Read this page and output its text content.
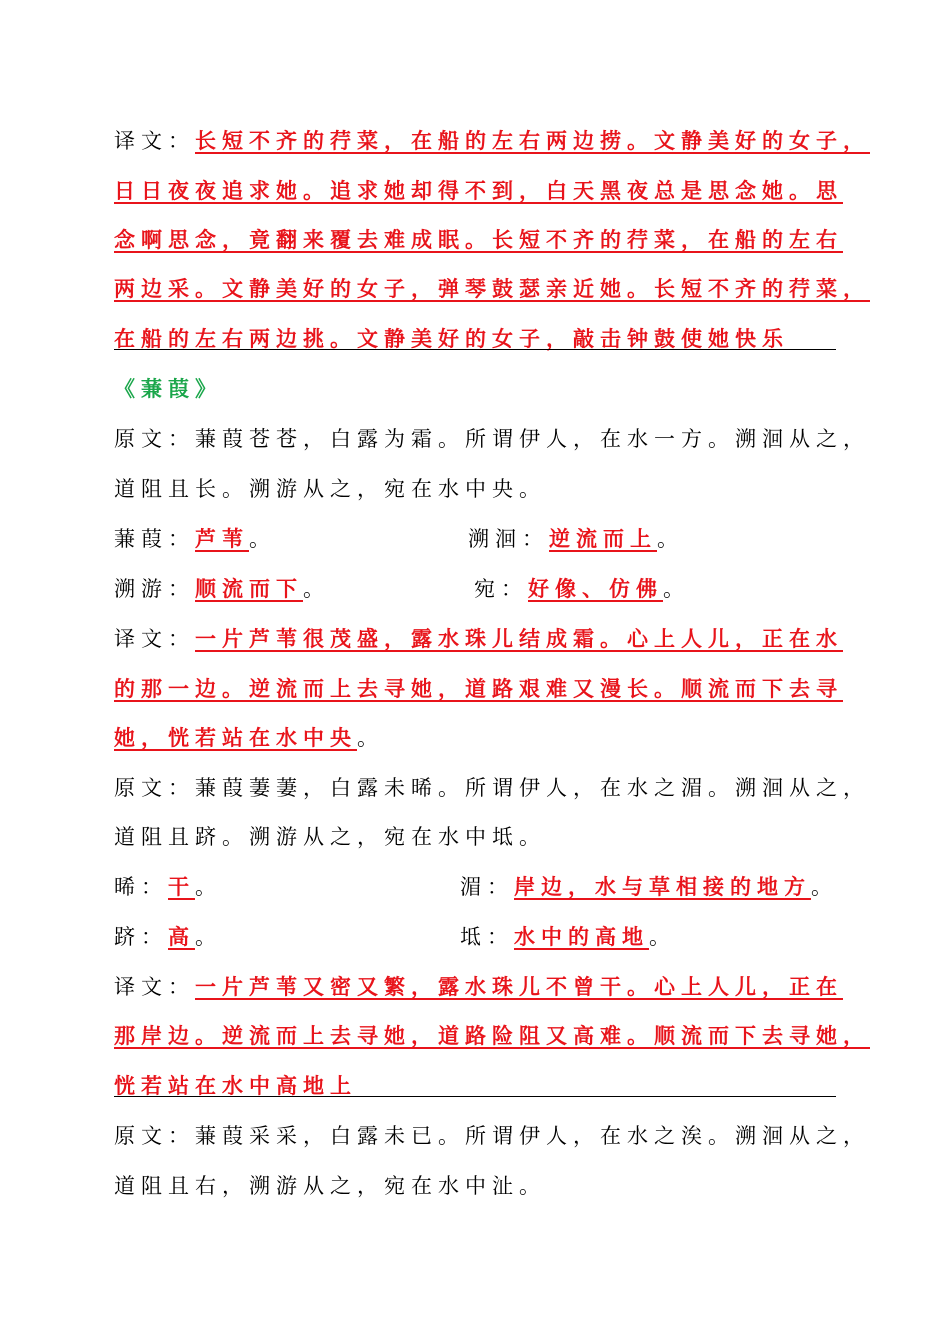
译文：长短不齐的荇菜，在船的左右两边捞。文静美好的女子，
日日夜夜追求她。追求她却得不到，白天黑夜总是思念她。思
念啊思念，竟翻来覆去难成眠。长短不齐的荇菜，在船的左右
两边采。文静美好的女子，弹琴鼓瑟亲近她。长短不齐的荇菜，
在船的左右两边挑。文静美好的女子，敲击钟鼓使她快乐
《蒹葭》
原文：蒹葭苍苍，白露为霜。所谓伊人，在水一方。溯洄从之，
道阻且长。溯游从之，宛在水中央。
蒹葭：芦苇。	溯洄：逆流而上。
溯游：顺流而下。	宛：好像、仿佛。
译文：一片芦苇很茂盛，露水珠儿结成霜。心上人儿，正在水
的那一边。逆流而上去寻她，道路艰难又漫长。顺流而下去寻
她，恍若站在水中央。
原文：蒹葭萋萋，白露未晞。所谓伊人，在水之湄。溯洄从之，
道阻且跻。溯游从之，宛在水中坻。
晞：干。	湄：岸边，水与草相接的地方。
跻：高。	坻：水中的高地。
译文：一片芦苇又密又繁，露水珠儿不曾干。心上人儿，正在
那岸边。逆流而上去寻她，道路险阻又高难。顺流而下去寻她，
恍若站在水中高地上
原文：蒹葭采采，白露未已。所谓伊人，在水之涘。溯洄从之，
道阻且右，溯游从之，宛在水中沚。
